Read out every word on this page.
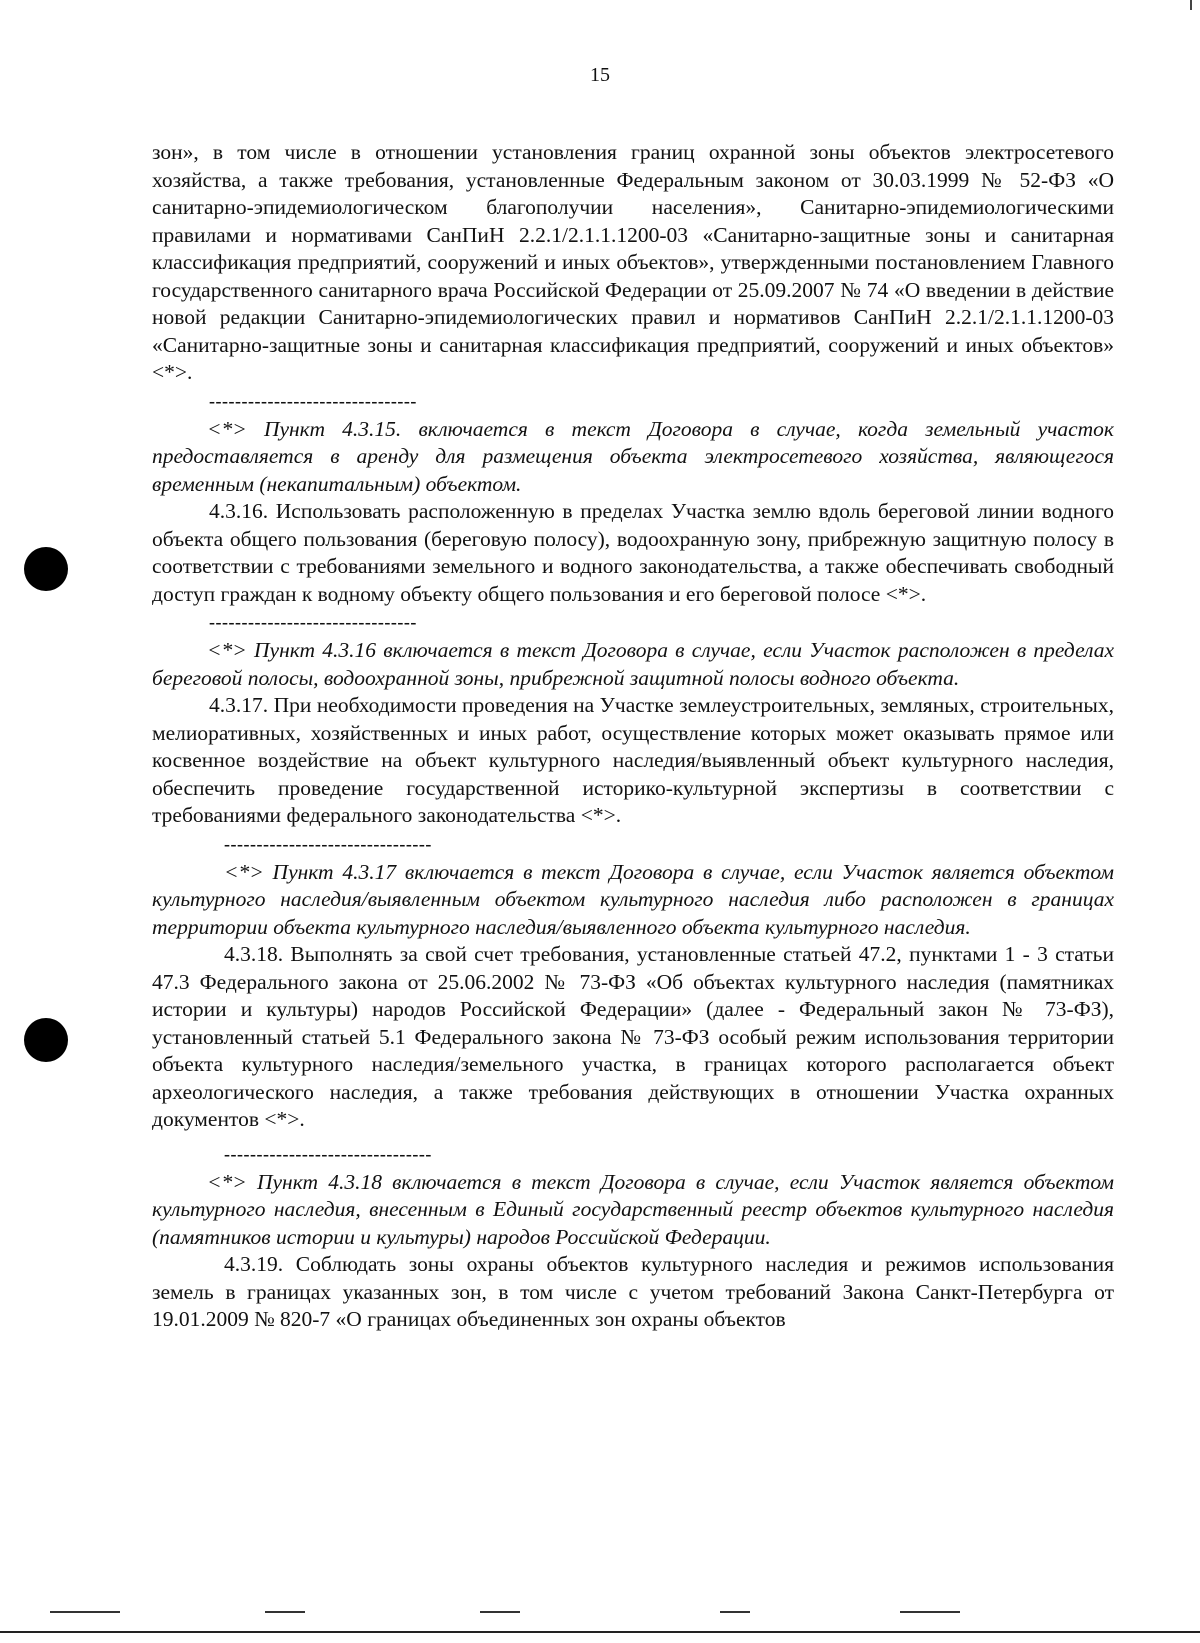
15

зон», в том числе в отношении установления границ охранной зоны объектов электросетевого хозяйства, а также требования, установленные Федеральным законом от 30.03.1999 № 52-ФЗ «О санитарно-эпидемиологическом благополучии населения», Санитарно-эпидемиологическими правилами и нормативами СанПиН 2.2.1/2.1.1.1200-03 «Санитарно-защитные зоны и санитарная классификация предприятий, сооружений и иных объектов», утвержденными постановлением Главного государственного санитарного врача Российской Федерации от 25.09.2007 № 74 «О введении в действие новой редакции Санитарно-эпидемиологических правил и нормативов СанПиН 2.2.1/2.1.1.1200-03 «Санитарно-защитные зоны и санитарная классификация предприятий, сооружений и иных объектов» <*>.

--------------------------------

<*> Пункт 4.3.15. включается в текст Договора в случае, когда земельный участок предоставляется в аренду для размещения объекта электросетевого хозяйства, являющегося временным (некапитальным) объектом.

4.3.16. Использовать расположенную в пределах Участка землю вдоль береговой линии водного объекта общего пользования (береговую полосу), водоохранную зону, прибрежную защитную полосу в соответствии с требованиями земельного и водного законодательства, а также обеспечивать свободный доступ граждан к водному объекту общего пользования и его береговой полосе <*>.

--------------------------------

<*> Пункт 4.3.16 включается в текст Договора в случае, если Участок расположен в пределах береговой полосы, водоохранной зоны, прибрежной защитной полосы водного объекта.

4.3.17. При необходимости проведения на Участке землеустроительных, земляных, строительных, мелиоративных, хозяйственных и иных работ, осуществление которых может оказывать прямое или косвенное воздействие на объект культурного наследия/выявленный объект культурного наследия, обеспечить проведение государственной историко-культурной экспертизы в соответствии с требованиями федерального законодательства <*>.

--------------------------------

<*> Пункт 4.3.17 включается в текст Договора в случае, если Участок является объектом культурного наследия/выявленным объектом культурного наследия либо расположен в границах территории объекта культурного наследия/выявленного объекта культурного наследия.

4.3.18. Выполнять за свой счет требования, установленные статьей 47.2, пунктами 1 - 3 статьи 47.3 Федерального закона от 25.06.2002 № 73-ФЗ «Об объектах культурного наследия (памятниках истории и культуры) народов Российской Федерации» (далее - Федеральный закон № 73-ФЗ), установленный статьей 5.1 Федерального закона № 73-ФЗ особый режим использования территории объекта культурного наследия/земельного участка, в границах которого располагается объект археологического наследия, а также требования действующих в отношении Участка охранных документов <*>.

--------------------------------

<*> Пункт 4.3.18 включается в текст Договора в случае, если Участок является объектом культурного наследия, внесенным в Единый государственный реестр объектов культурного наследия (памятников истории и культуры) народов Российской Федерации.

4.3.19. Соблюдать зоны охраны объектов культурного наследия и режимов использования земель в границах указанных зон, в том числе с учетом требований Закона Санкт-Петербурга от 19.01.2009 № 820-7 «О границах объединенных зон охраны объектов
